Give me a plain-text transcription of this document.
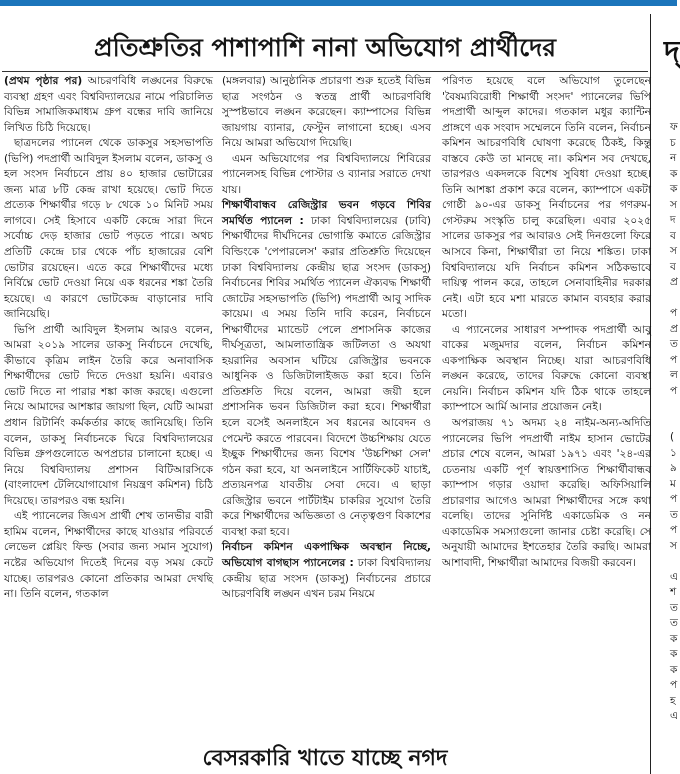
প্রতিশ্রুতির পাশাপাশি নানা অভিযোগ প্রার্থীদের

(প্রথম পৃষ্ঠার পর) আচরণবিধি লঙ্ঘনের বিরুদ্ধে ব্যবস্থা গ্রহণ এবং বিশ্ববিদ্যালয়ের নামে পরিচালিত বিভিন্ন সামাজিকমাধ্যম গ্রুপ বন্ধের দাবি জানিয়ে লিখিত চিঠি দিয়েছে।

ছাত্রদলের প্যানেল থেকে ডাকসুর সহসভাপতি (ভিপি) পদপ্রার্থী আবিদুল ইসলাম বলেন, ডাকসু ও হল সংসদ নির্বাচনে প্রায় ৪০ হাজার ভোটারের জন্য মাত্র ৮টি কেন্দ্র রাখা হয়েছে। ভোট দিতে প্রত্যেক শিক্ষার্থীর গড়ে ৮ থেকে ১০ মিনিট সময় লাগবে। সেই হিসাবে একটি কেন্দ্রে সারা দিনে সর্বোচ্চ দেড় হাজার ভোট পড়তে পারে। অথচ প্রতিটি কেন্দ্রে চার থেকে পাঁচ হাজারের বেশি ভোটার রয়েছেন। এতে করে শিক্ষার্থীদের মধ্যে নির্বিঘ্নে ভোট দেওয়া নিয়ে এক ধরনের শঙ্কা তৈরি হয়েছে। এ কারণে ভোটকেন্দ্র বাড়ানোর দাবি জানিয়েছি।

ভিপি প্রার্থী আবিদুল ইসলাম আরও বলেন, আমরা ২০১৯ সালের ডাকসু নির্বাচনে দেখেছি, কীভাবে কৃত্রিম লাইন তৈরি করে অনাবাসিক শিক্ষার্থীদের ভোট দিতে দেওয়া হয়নি। এবারও ভোট দিতে না পারার শঙ্কা কাজ করছে। এগুলো নিয়ে আমাদের আশঙ্কার জায়গা ছিল, যেটি আমরা প্রধান রিটার্নিং কর্মকর্তার কাছে জানিয়েছি। তিনি বলেন, ডাকসু নির্বাচনকে ঘিরে বিশ্ববিদ্যালয়ের বিভিন্ন গ্রুপগুলোতে অপপ্রচার চালানো হচ্ছে। এ নিয়ে বিশ্ববিদ্যালয় প্রশাসন বিটিআরসিকে (বাংলাদেশ টেলিযোগাযোগ নিয়ন্ত্রণ কমিশন) চিঠি দিয়েছে। তারপরও বন্ধ হয়নি।

এই প্যানেলের জিএস প্রার্থী শেখ তানভীর বারী হামিম বলেন, শিক্ষার্থীদের কাছে যাওয়ার পরিবর্তে লেভেল প্লেয়িং ফিল্ড (সবার জন্য সমান সুযোগ) নষ্টের অভিযোগ দিতেই দিনের বড় সময় কেটে যাচ্ছে। তারপরও কোনো প্রতিকার আমরা দেখছি না। তিনি বলেন, গতকাল

(মঙ্গলবার) আনুষ্ঠানিক প্রচারণা শুরু হতেই বিভিন্ন ছাত্র সংগঠন ও স্বতন্ত্র প্রার্থী আচরণবিধি সুস্পষ্টভাবে লঙ্ঘন করেছেন। ক্যাম্পাসের বিভিন্ন জায়গায় ব্যানার, ফেস্টুন লাগানো হচ্ছে। এসব নিয়ে আমরা অভিযোগ দিয়েছি।

এমন অভিযোগের পর বিশ্ববিদ্যালয়ে শিবিরের প্যানেলসহ বিভিন্ন পোস্টার ও ব্যানার সরাতে দেখা যায়।

শিক্ষার্থীবান্ধব রেজিস্ট্রার ভবন গড়বে শিবির সমর্থিত প্যানেল : ঢাকা বিশ্ববিদ্যালয়ের (ঢাবি) শিক্ষার্থীদের দীর্ঘদিনের ভোগান্তি কমাতে রেজিস্ট্রার বিল্ডিংকে 'পেপারলেস' করার প্রতিশ্রুতি দিয়েছেন ঢাকা বিশ্ববিদ্যালয় কেন্দ্রীয় ছাত্র সংসদ (ডাকসু) নির্বাচনের শিবির সমর্থিত প্যানেল ঐক্যবদ্ধ শিক্ষার্থী জোটের সহসভাপতি (ভিপি) পদপ্রার্থী আবু সাদিক কায়েম। এ সময় তিনি দাবি করেন, নির্বাচনে শিক্ষার্থীদের ম্যান্ডেট পেলে প্রশাসনিক কাজের দীর্ঘসূত্রতা, আমলাতান্ত্রিক জটিলতা ও অযথা হয়রানির অবসান ঘটিয়ে রেজিস্ট্রার ভবনকে আধুনিক ও ডিজিটালাইজড করা হবে। তিনি প্রতিশ্রুতি দিয়ে বলেন, আমরা জয়ী হলে প্রশাসনিক ভবন ডিজিটাল করা হবে। শিক্ষার্থীরা হলে বসেই অনলাইনে সব ধরনের আবেদন ও পেমেন্ট করতে পারবেন। বিদেশে উচ্চশিক্ষায় যেতে ইচ্ছুক শিক্ষার্থীদের জন্য বিশেষ 'উচ্চশিক্ষা সেল' গঠন করা হবে, যা অনলাইনে সার্টিফিকেট যাচাই, প্রত্যয়নপত্র যাবতীয় সেবা দেবে। এ ছাড়া রেজিস্ট্রার ভবনে পার্টটাইম চাকরির সুযোগ তৈরি করে শিক্ষার্থীদের অভিজ্ঞতা ও নেতৃত্বগুণ বিকাশের ব্যবস্থা করা হবে।

নির্বাচন কমিশন একপাক্ষিক অবস্থান নিচ্ছে, অভিযোগ বাগছাস প্যানেলের : ঢাকা বিশ্ববিদ্যালয় কেন্দ্রীয় ছাত্র সংসদ (ডাকসু) নির্বাচনের প্রচারে আচরণবিধি লঙ্ঘন এখন চরম নিয়মে

পরিণত হয়েছে বলে অভিযোগ তুলেছেন 'বৈষম্যবিরোধী শিক্ষার্থী সংসদ' প্যানেলের ভিপি পদপ্রার্থী আব্দুল কাদের। গতকাল মধুর ক্যান্টিন প্রাঙ্গণে এক সংবাদ সম্মেলনে তিনি বলেন, নির্বাচন কমিশন আচরণবিধি ঘোষণা করেছে ঠিকই, কিন্তু বাস্তবে কেউ তা মানছে না। কমিশন সব দেখছে, তারপরও একদলকে বিশেষ সুবিধা দেওয়া হচ্ছে। তিনি আশঙ্কা প্রকাশ করে বলেন, ক্যাম্পাসে একটা গোষ্ঠী ৯০-এর ডাকসু নির্বাচনের পর গণরুম-গেস্টরুম সংস্কৃতি চালু করেছিল। এবার ২০২৫ সালের ডাকসুর পর আবারও সেই দিনগুলো ফিরে আসবে কিনা, শিক্ষার্থীরা তা নিয়ে শঙ্কিত। ঢাকা বিশ্ববিদ্যালয়ে যদি নির্বাচন কমিশন সঠিকভাবে দায়িত্ব পালন করে, তাহলে সেনাবাহিনীর দরকার নেই। এটা হবে মশা মারতে কামান ব্যবহার করার মতো।

এ প্যানেলের সাধারণ সম্পাদক পদপ্রার্থী আবু বাকের মজুমদার বলেন, নির্বাচন কমিশন একপাক্ষিক অবস্থান নিচ্ছে। যারা আচরণবিধি লঙ্ঘন করেছে, তাদের বিরুদ্ধে কোনো ব্যবস্থা নেয়নি। নির্বাচন কমিশন যদি ঠিক থাকে তাহলে ক্যাম্পাসে আর্মি আনার প্রয়োজন নেই।

অপরাজয় ৭১ অদম্য ২৪ নাইম-অন্য-অদিতি প্যানেলের ভিপি পদপ্রার্থী নাইম হাসান ভোটের প্রচার শেষে বলেন, আমরা ১৯৭১ এবং '২৪-এর চেতনায় একটি পূর্ণ স্বায়ত্তশাসিত শিক্ষার্থীবান্ধব ক্যাম্পাস গড়ার ওয়াদা করেছি। অফিসিয়ালি প্রচারণার আগেও আমরা শিক্ষার্থীদের সঙ্গে কথা বলেছি। তাদের সুনির্দিষ্ট একাডেমিক ও নন একাডেমিক সমস্যাগুলো জানার চেষ্টা করেছি। সে অনুযায়ী আমাদের ইশতেহার তৈরি করছি। আমরা আশাবাদী, শিক্ষার্থীরা আমাদের বিজয়ী করবেন।

বেসরকারি খাতে যাচ্ছে নগদ
দ্
ফ
চ
ন
ক
ক
স
দ
ব
স
ব
প্র

প
প্র
ত
প
ল
প

(
১
৯
ম
প
ত
প
স

এ
শ
ত
ত
ক
ক
ক
প
হ
এ
